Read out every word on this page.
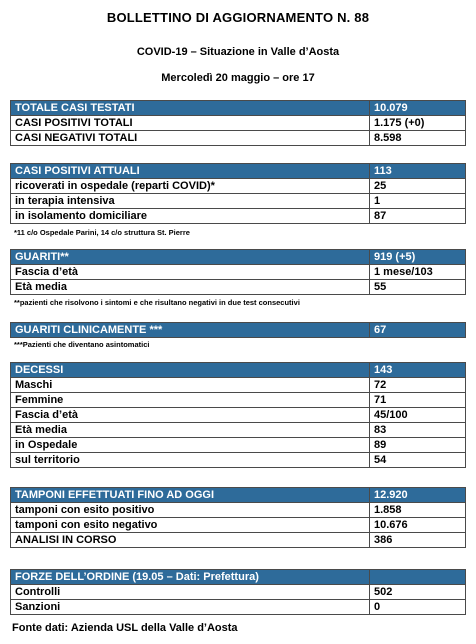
BOLLETTINO DI AGGIORNAMENTO N. 88
COVID-19 – Situazione in Valle d’Aosta
Mercoledì 20 maggio – ore 17
TOTALE CASI TESTATI	10.079
CASI POSITIVI TOTALI	1.175 (+0)
CASI NEGATIVI TOTALI	8.598
CASI POSITIVI ATTUALI	113
ricoverati in ospedale (reparti COVID)*	25
in terapia intensiva	1
in isolamento domiciliare	87
*11 c/o Ospedale Parini, 14 c/o struttura St. Pierre
GUARITI**	919 (+5)
Fascia d’età	1 mese/103
Età media	55
**pazienti che risolvono i sintomi e che risultano negativi in due test consecutivi
GUARITI CLINICAMENTE ***	67
***Pazienti che diventano asintomatici
DECESSI	143
Maschi	72
Femmine	71
Fascia d’età	45/100
Età media	83
in Ospedale	89
sul territorio	54
TAMPONI EFFETTUATI FINO AD OGGI	12.920
tamponi con esito positivo	1.858
tamponi con esito negativo	10.676
ANALISI IN CORSO	386
FORZE DELL’ORDINE (19.05 – Dati: Prefettura)	
Controlli	502
Sanzioni	0
Fonte dati: Azienda USL della Valle d’Aosta
